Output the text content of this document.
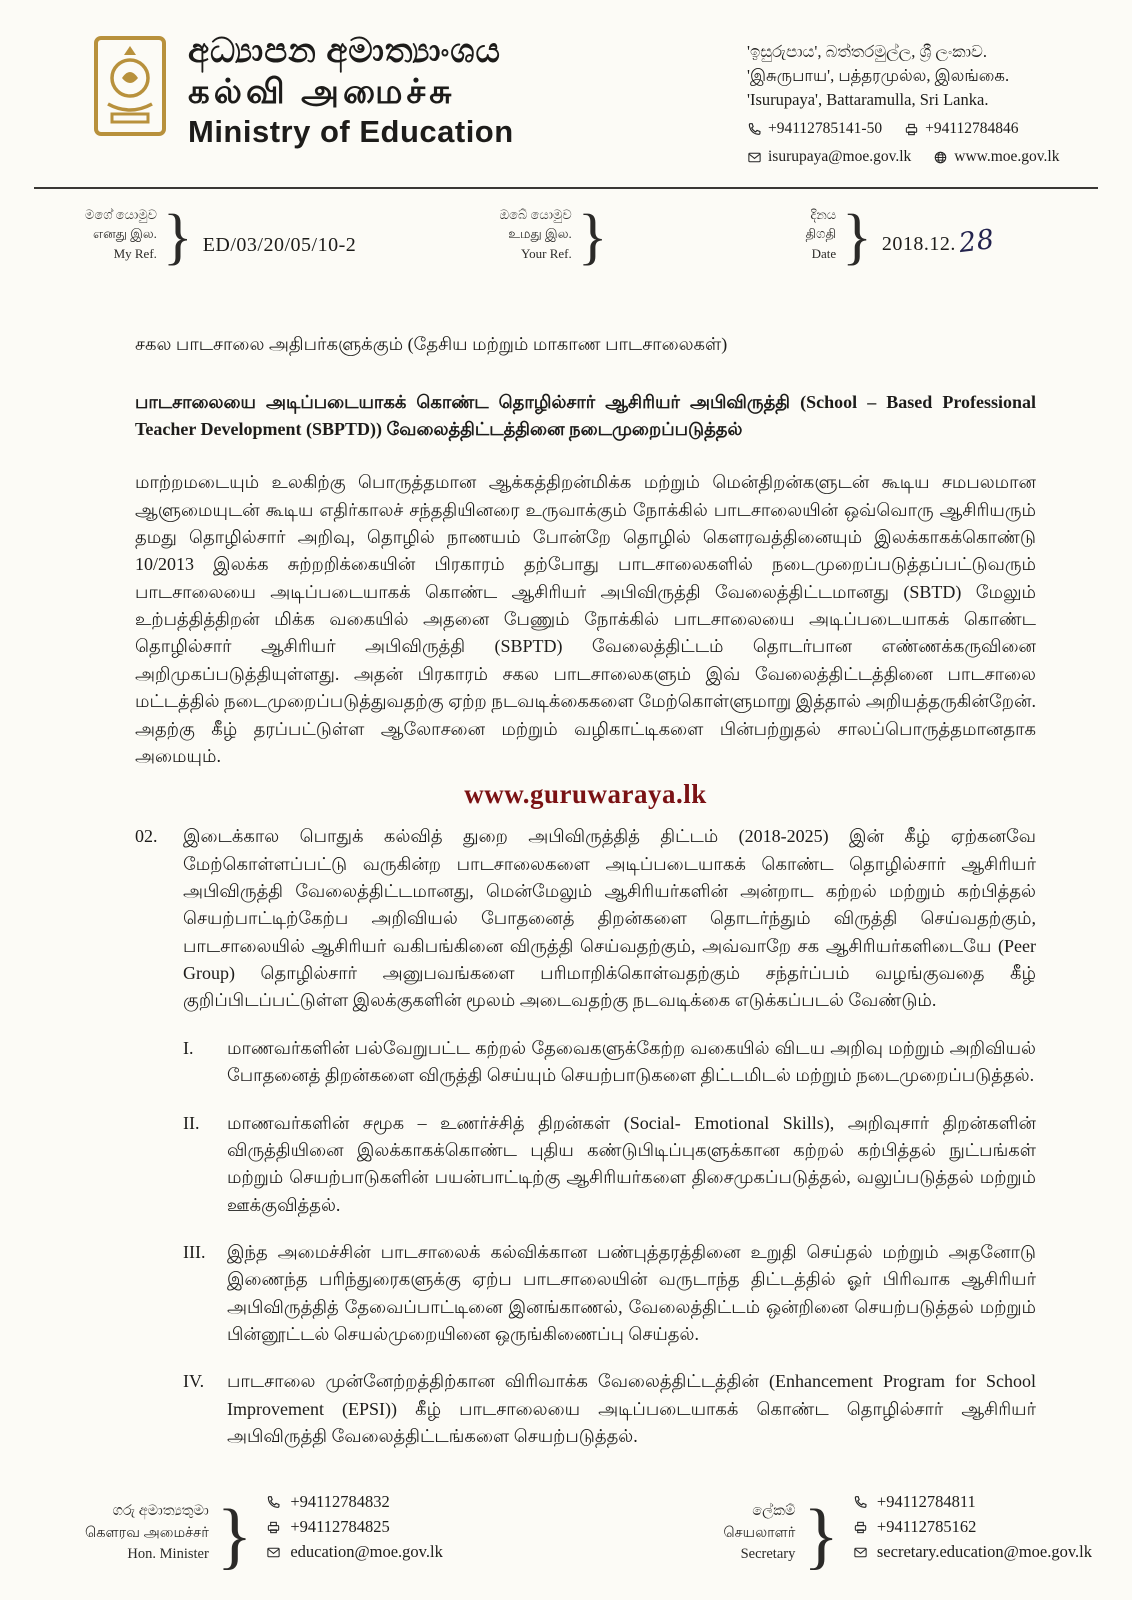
අධ්‍යාපන අමාත්‍යාංශය
கல்வி அமைச்சு
Ministry of Education
'ඉසුරුපාය', බත්තරමුල්ල, ශ්‍රී ලංකාව.
'இசுருபாய', பத்தரமுல்ல, இலங்கை.
'Isurupaya', Battaramulla, Sri Lanka.
+94112785141-50	+94112784846
isurupaya@moe.gov.lk	www.moe.gov.lk
මගේ යොමුව
எனது இல.
My Ref. } ED/03/20/05/10-2
ඔබේ යොමුව
உமது இல.
Your Ref. }	දිනය
திගதி
Date } 2018.12.28
சகல பாடசாலை அதிபர்களுக்கும் (தேசிய மற்றும் மாகாண பாடசாலைகள்)
பாடசாலையை அடிப்படையாகக் கொண்ட தொழில்சார் ஆசிரியர் அபிவிருத்தி (School – Based Professional Teacher Development (SBPTD)) வேலைத்திட்டத்தினை நடைமுறைப்படுத்தல்
மாற்றமடையும் உலகிற்கு பொருத்தமான ஆக்கத்திறன்மிக்க மற்றும் மென்திறன்களுடன் கூடிய சமபலமான ஆளுமையுடன் கூடிய எதிர்காலச் சந்ததியினரை உருவாக்கும் நோக்கில் பாடசாலையின் ஒவ்வொரு ஆசிரியரும் தமது தொழில்சார் அறிவு, தொழில் நாணயம் போன்றே தொழில் கௌரவத்தினையும் இலக்காகக்கொண்டு 10/2013 இலக்க சுற்றறிக்கையின் பிரகாரம் தற்போது பாடசாலைகளில் நடைமுறைப்படுத்தப்பட்டுவரும் பாடசாலையை அடிப்படையாகக் கொண்ட ஆசிரியர் அபிவிருத்தி வேலைத்திட்டமானது (SBTD) மேலும் உற்பத்தித்திறன் மிக்க வகையில் அதனை பேணும் நோக்கில் பாடசாலையை அடிப்படையாகக் கொண்ட தொழில்சார் ஆசிரியர் அபிவிருத்தி (SBPTD) வேலைத்திட்டம் தொடர்பான எண்ணக்கருவினை அறிமுகப்படுத்தியுள்ளது. அதன் பிரகாரம் சகல பாடசாலைகளும் இவ் வேலைத்திட்டத்தினை பாடசாலை மட்டத்தில் நடைமுறைப்படுத்துவதற்கு ஏற்ற நடவடிக்கைகளை மேற்கொள்ளுமாறு இத்தால் அறியத்தருகின்றேன். அதற்கு கீழ் தரப்பட்டுள்ள ஆலோசனை மற்றும் வழிகாட்டிகளை பின்பற்றுதல் சாலப்பொருத்தமானதாக அமையும்.
www.guruwaraya.lk
02.	இடைக்கால பொதுக் கல்வித் துறை அபிவிருத்தித் திட்டம் (2018-2025) இன் கீழ் ஏற்கனவே மேற்கொள்ளப்பட்டு வருகின்ற பாடசாலைகளை அடிப்படையாகக் கொண்ட தொழில்சார் ஆசிரியர் அபிவிருத்தி வேலைத்திட்டமானது, மென்மேலும் ஆசிரியர்களின் அன்றாட கற்றல் மற்றும் கற்பித்தல் செயற்பாட்டிற்கேற்ப அறிவியல் போதனைத் திறன்களை தொடர்ந்தும் விருத்தி செய்வதற்கும், பாடசாலையில் ஆசிரியர் வகிபங்கினை விருத்தி செய்வதற்கும், அவ்வாறே சக ஆசிரியர்களிடையே (Peer Group) தொழில்சார் அனுபவங்களை பரிமாறிக்கொள்வதற்கும் சந்தர்ப்பம் வழங்குவதை கீழ் குறிப்பிடப்பட்டுள்ள இலக்குகளின் மூலம் அடைவதற்கு நடவடிக்கை எடுக்கப்படல் வேண்டும்.
I.	மாணவர்களின் பல்வேறுபட்ட கற்றல் தேவைகளுக்கேற்ற வகையில் விடய அறிவு மற்றும் அறிவியல் போதனைத் திறன்களை விருத்தி செய்யும் செயற்பாடுகளை திட்டமிடல் மற்றும் நடைமுறைப்படுத்தல்.
II.	மாணவர்களின் சமூக – உணர்ச்சித் திறன்கள் (Social- Emotional Skills), அறிவுசார் திறன்களின் விருத்தியினை இலக்காகக்கொண்ட புதிய கண்டுபிடிப்புகளுக்கான கற்றல் கற்பித்தல் நுட்பங்கள் மற்றும் செயற்பாடுகளின் பயன்பாட்டிற்கு ஆசிரியர்களை திசைமுகப்படுத்தல், வலுப்படுத்தல் மற்றும் ஊக்குவித்தல்.
III.	இந்த அமைச்சின் பாடசாலைக் கல்விக்கான பண்புத்தரத்தினை உறுதி செய்தல் மற்றும் அதனோடு இணைந்த பரிந்துரைகளுக்கு ஏற்ப பாடசாலையின் வருடாந்த திட்டத்தில் ஓர் பிரிவாக ஆசிரியர் அபிவிருத்தித் தேவைப்பாட்டினை இனங்காணல், வேலைத்திட்டம் ஒன்றினை செயற்படுத்தல் மற்றும் பின்னூட்டல் செயல்முறையினை ஒருங்கிணைப்பு செய்தல்.
IV.	பாடசாலை முன்னேற்றத்திற்கான விரிவாக்க வேலைத்திட்டத்தின் (Enhancement Program for School Improvement (EPSI)) கீழ் பாடசாலையை அடிப்படையாகக் கொண்ட தொழில்சார் ஆசிரியர் அபிவிருத்தி வேலைத்திட்டங்களை செயற்படுத்தல்.
ගරු අමාත්‍යතුමා
கௌரவ அமைச்சர்
Hon. Minister } +94112784832
+94112784825
education@moe.gov.lk
ලේකම්
செயலாளர்
Secretary } +94112784811
+94112785162
secretary.education@moe.gov.lk
